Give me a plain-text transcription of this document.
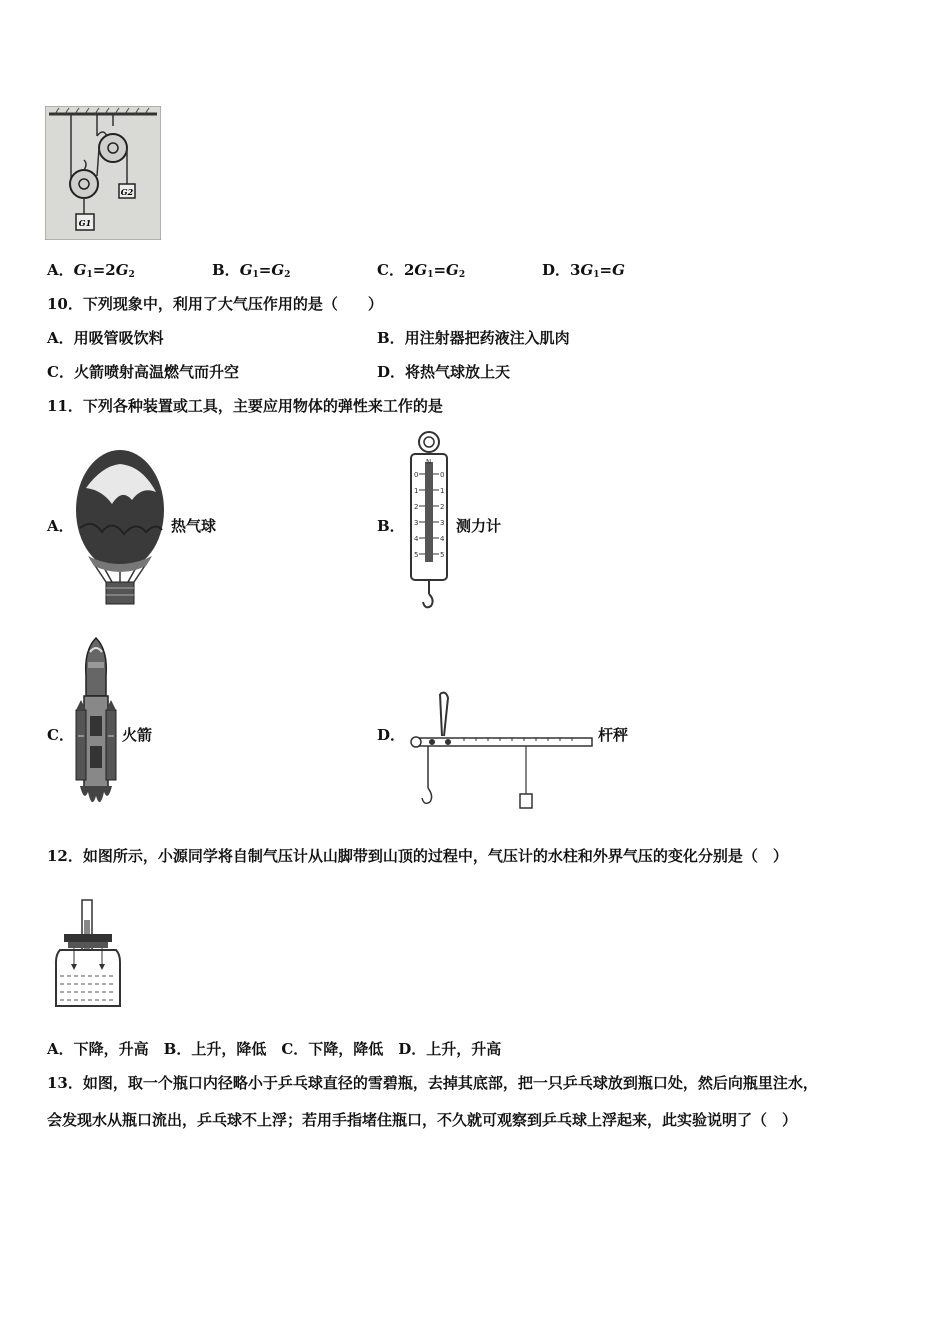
G2
G1
A．$G_1=2G_2$	B．$G_1=G_2$	C．$2G_1=G_2$	D．$3G_1=G$
10．下列现象中，利用了大气压作用的是（　　）
A．用吸管吸饮料	B．用注射器把药液注入肌肉
C．火箭喷射高温燃气而升空	D．将热气球放上天
11．下列各种装置或工具，主要应用物体的弹性来工作的是
A．	热气球	B．
N
0	0
1	1
2	2
3	3
4	4
5	5
测力计
C．	火箭	D．	杆秤
12．如图所示，小源同学将自制气压计从山脚带到山顶的过程中，气压计的水柱和外界气压的变化分别是（　）
A．下降，升高　B．上升，降低　C．下降，降低　D．上升，升高
13．如图，取一个瓶口内径略小于乒乓球直径的雪碧瓶，去掉其底部，把一只乒乓球放到瓶口处，然后向瓶里注水，
会发现水从瓶口流出，乒乓球不上浮；若用手指堵住瓶口，不久就可观察到乒乓球上浮起来，此实验说明了（　）
